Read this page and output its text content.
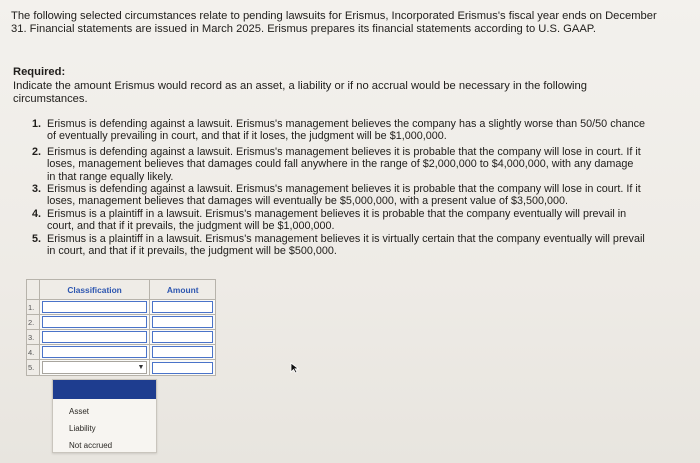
The following selected circumstances relate to pending lawsuits for Erismus, Incorporated Erismus's fiscal year ends on December
31. Financial statements are issued in March 2025. Erismus prepares its financial statements according to U.S. GAAP.
Required:
Indicate the amount Erismus would record as an asset, a liability or if no accrual would be necessary in the following
circumstances.
1. Erismus is defending against a lawsuit. Erismus's management believes the company has a slightly worse than 50/50 chance
of eventually prevailing in court, and that if it loses, the judgment will be $1,000,000.
2. Erismus is defending against a lawsuit. Erismus's management believes it is probable that the company will lose in court. If it
loses, management believes that damages could fall anywhere in the range of $2,000,000 to $4,000,000, with any damage
in that range equally likely.
3. Erismus is defending against a lawsuit. Erismus's management believes it is probable that the company will lose in court. If it
loses, management believes that damages will eventually be $5,000,000, with a present value of $3,500,000.
4. Erismus is a plaintiff in a lawsuit. Erismus's management believes it is probable that the company eventually will prevail in
court, and that if it prevails, the judgment will be $1,000,000.
5. Erismus is a plaintiff in a lawsuit. Erismus's management believes it is virtually certain that the company eventually will prevail
in court, and that if it prevails, the judgment will be $500,000.
	Classification	Amount
1.	

2.	

3.	

4.	

5.	▼	

Asset
Liability
Not accrued
